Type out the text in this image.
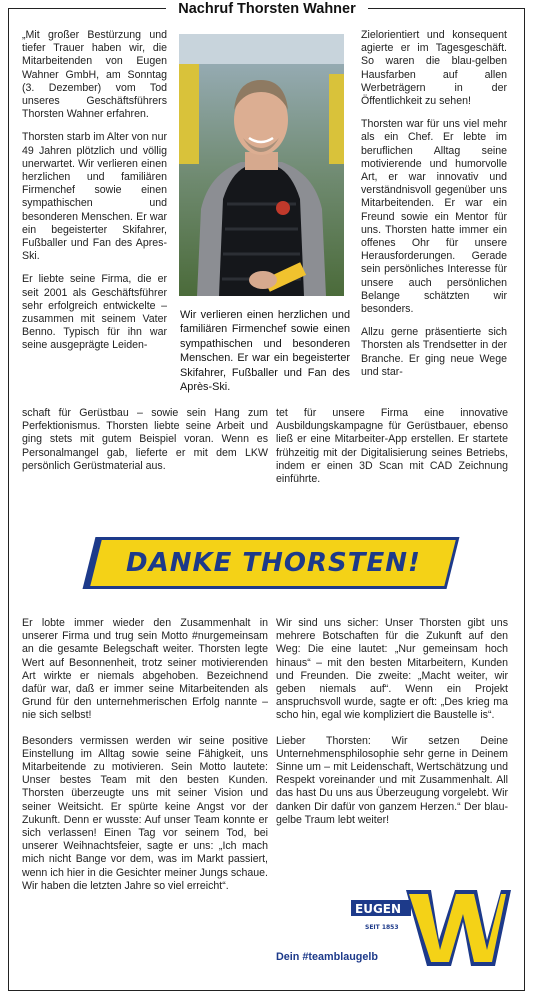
Nachruf Thorsten Wahner

„Mit großer Bestürzung und tiefer Trauer haben wir, die Mitarbeitenden von Eugen Wahner GmbH, am Sonntag (3. Dezember) vom Tod unseres Geschäftsführers Thorsten Wahner erfahren.

Thorsten starb im Alter von nur 49 Jahren plötzlich und völlig unerwartet. Wir verlieren einen herzlichen und familiären Firmenchef sowie einen sympathischen und besonderen Menschen. Er war ein begeisterter Skifahrer, Fußballer und Fan des Apres-Ski.

Er liebte seine Firma, die er seit 2001 als Geschäftsführer sehr erfolgreich entwickelte – zusammen mit seinem Vater Benno. Typisch für ihn war seine ausgeprägte Leiden-

Wir verlieren einen herzlichen und familiären Firmenchef sowie einen sympathischen und besonderen Menschen. Er war ein begeisterter Skifahrer, Fußballer und Fan des Après-Ski.

Zielorientiert und konsequent agierte er im Tagesgeschäft. So waren die blau-gelben Hausfarben auf allen Werbeträgern in der Öffentlichkeit zu sehen!

Thorsten war für uns viel mehr als ein Chef. Er lebte im beruflichen Alltag seine motivierende und humorvolle Art, er war innovativ und verständnisvoll gegenüber uns Mitarbeitenden. Er war ein Freund sowie ein Mentor für uns. Thorsten hatte immer ein offenes Ohr für unsere Herausforderungen. Gerade sein persönliches Interesse für unsere auch persönlichen Belange schätzten wir besonders.

Allzu gerne präsentierte sich Thorsten als Trendsetter in der Branche. Er ging neue Wege und star-

schaft für Gerüstbau – sowie sein Hang zum Perfektionismus. Thorsten liebte seine Arbeit und ging stets mit gutem Beispiel voran. Wenn es Personalmangel gab, lieferte er mit dem LKW persönlich Gerüstmaterial aus.
tet für unsere Firma eine innovative Ausbildungskampagne für Gerüstbauer, ebenso ließ er eine Mitarbeiter-App erstellen. Er startete frühzeitig mit der Digitalisierung seines Betriebs, indem er einen 3D Scan mit CAD Zeichnung einführte.
DANKE THORSTEN!

Er lobte immer wieder den Zusammenhalt in unserer Firma und trug sein Motto #nurgemeinsam an die gesamte Belegschaft weiter. Thorsten legte Wert auf Besonnenheit, trotz seiner motivierenden Art wirkte er niemals abgehoben. Bezeichnend dafür war, daß er immer seine Mitarbeitenden als Grund für den unternehmerischen Erfolg nannte – nie sich selbst!

Besonders vermissen werden wir seine positive Einstellung im Alltag sowie seine Fähigkeit, uns Mitarbeitende zu motivieren. Sein Motto lautete: Unser bestes Team mit den besten Kunden. Thorsten überzeugte uns mit seiner Vision und seiner Weitsicht. Er spürte keine Angst vor der Zukunft. Denn er wusste: Auf unser Team konnte er sich verlassen! Einen Tag vor seinem Tod, bei unserer Weihnachtsfeier, sagte er uns: „Ich mach mich nicht Bange vor dem, was im Markt passiert, wenn ich hier in die Gesichter meiner Jungs schaue. Wir haben die letzten Jahre so viel erreicht“.

Wir sind uns sicher: Unser Thorsten gibt uns mehrere Botschaften für die Zukunft auf den Weg: Die eine lautet: „Nur gemeinsam hoch hinaus“ – mit den besten Mitarbeitern, Kunden und Freunden. Die zweite: „Macht weiter, wir geben niemals auf“. Wenn ein Projekt anspruchsvoll wurde, sagte er oft: „Des krieg ma scho hin, egal wie kompliziert die Baustelle is“.

Lieber Thorsten: Wir setzen Deine Unternehmensphilosophie sehr gerne in Deinem Sinne um – mit Leidenschaft, Wertschätzung und Respekt voreinander und mit Zusammenhalt. All das hast Du uns aus Überzeugung vorgelebt. Wir danken Dir dafür von ganzem Herzen.“ Der blau-gelbe Traum lebt weiter!

EUGEN
SEIT 1853
Dein #teamblaugelb
